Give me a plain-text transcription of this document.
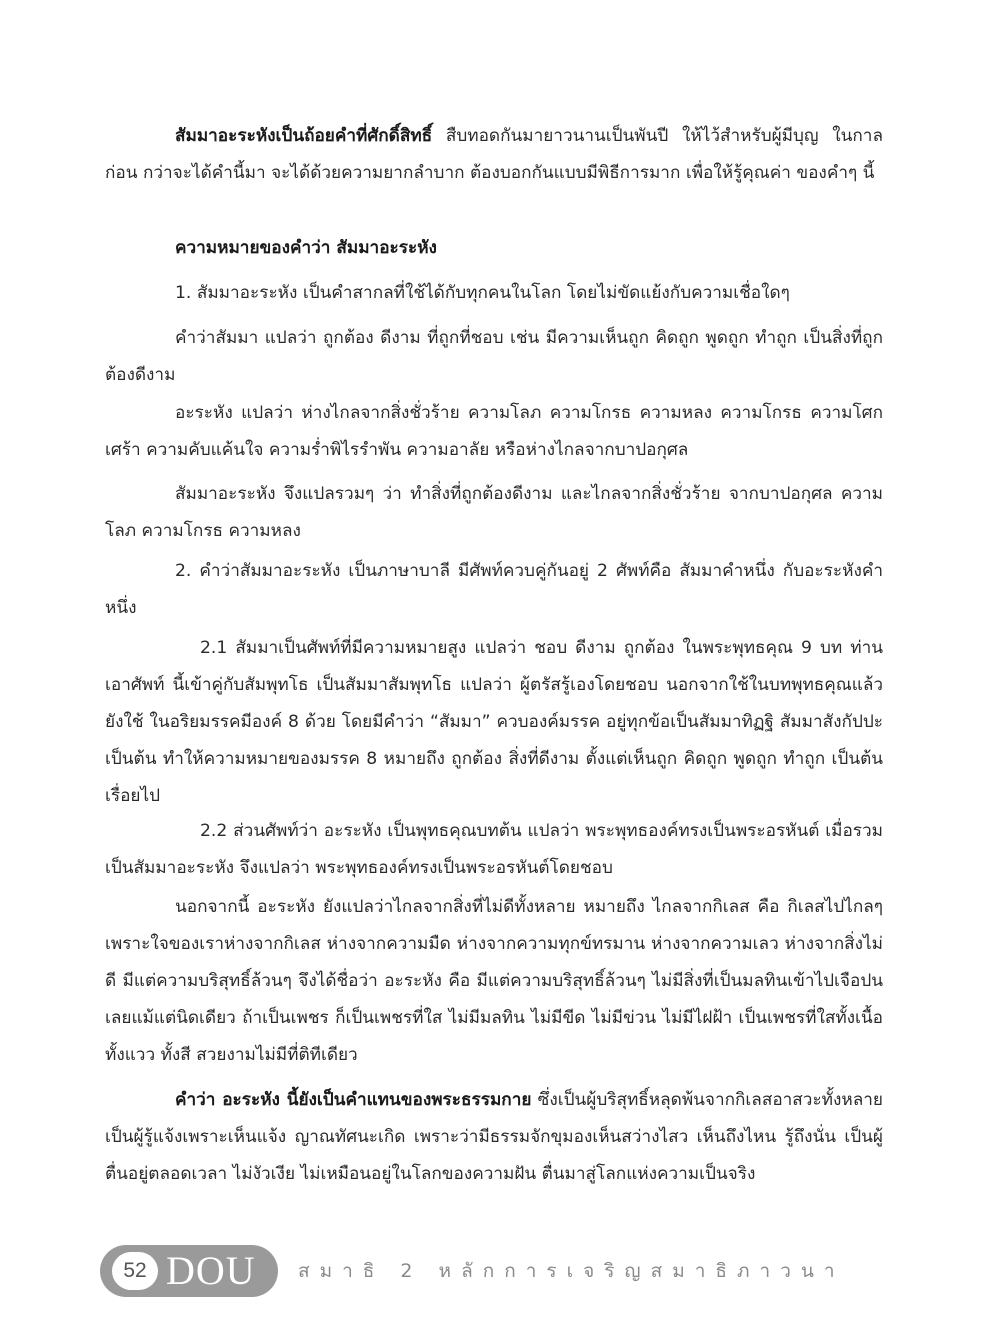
สัมมาอะระหังเป็นถ้อยคำที่ศักดิ์สิทธิ์ สืบทอดกันมายาวนานเป็นพันปี ให้ไว้สำหรับผู้มีบุญ ในกาลก่อน กว่าจะได้คำนี้มา จะได้ด้วยความยากลำบาก ต้องบอกกันแบบมีพิธีการมาก เพื่อให้รู้คุณค่า ของคำๆ นี้

ความหมายของคำว่า สัมมาอะระหัง

1. สัมมาอะระหัง เป็นคำสากลที่ใช้ได้กับทุกคนในโลก โดยไม่ขัดแย้งกับความเชื่อใดๆ

คำว่าสัมมา แปลว่า ถูกต้อง ดีงาม ที่ถูกที่ชอบ เช่น มีความเห็นถูก คิดถูก พูดถูก ทำถูก เป็นสิ่งที่ถูกต้องดีงาม

อะระหัง แปลว่า ห่างไกลจากสิ่งชั่วร้าย ความโลภ ความโกรธ ความหลง ความโกรธ ความโศกเศร้า ความคับแค้นใจ ความร่ำพิไรรำพัน ความอาลัย หรือห่างไกลจากบาปอกุศล

สัมมาอะระหัง จึงแปลรวมๆ ว่า ทำสิ่งที่ถูกต้องดีงาม และไกลจากสิ่งชั่วร้าย จากบาปอกุศล ความโลภ ความโกรธ ความหลง

2. คำว่าสัมมาอะระหัง เป็นภาษาบาลี มีศัพท์ควบคู่กันอยู่ 2 ศัพท์คือ สัมมาคำหนึ่ง กับอะระหังคำหนึ่ง

2.1 สัมมาเป็นศัพท์ที่มีความหมายสูง แปลว่า ชอบ ดีงาม ถูกต้อง ในพระพุทธคุณ 9 บท ท่านเอาศัพท์ นี้เข้าคู่กับสัมพุทโธ เป็นสัมมาสัมพุทโธ แปลว่า ผู้ตรัสรู้เองโดยชอบ นอกจากใช้ในบทพุทธคุณแล้วยังใช้ ในอริยมรรคมีองค์ 8 ด้วย โดยมีคำว่า “สัมมา” ควบองค์มรรค อยู่ทุกข้อเป็นสัมมาทิฏฐิ สัมมาสังกัปปะ เป็นต้น ทำให้ความหมายของมรรค 8 หมายถึง ถูกต้อง สิ่งที่ดีงาม ตั้งแต่เห็นถูก คิดถูก พูดถูก ทำถูก เป็นต้นเรื่อยไป

2.2 ส่วนศัพท์ว่า อะระหัง เป็นพุทธคุณบทต้น แปลว่า พระพุทธองค์ทรงเป็นพระอรหันต์ เมื่อรวมเป็นสัมมาอะระหัง จึงแปลว่า พระพุทธองค์ทรงเป็นพระอรหันต์โดยชอบ

นอกจากนี้ อะระหัง ยังแปลว่าไกลจากสิ่งที่ไม่ดีทั้งหลาย หมายถึง ไกลจากกิเลส คือ กิเลสไปไกลๆ เพราะใจของเราห่างจากกิเลส ห่างจากความมืด ห่างจากความทุกข์ทรมาน ห่างจากความเลว ห่างจากสิ่งไม่ดี มีแต่ความบริสุทธิ์ล้วนๆ จึงได้ชื่อว่า อะระหัง คือ มีแต่ความบริสุทธิ์ล้วนๆ ไม่มีสิ่งที่เป็นมลทินเข้าไปเจือปนเลยแม้แต่นิดเดียว ถ้าเป็นเพชร ก็เป็นเพชรที่ใส ไม่มีมลทิน ไม่มีขีด ไม่มีข่วน ไม่มีไฝฝ้า เป็นเพชรที่ใสทั้งเนื้อทั้งแวว ทั้งสี สวยงามไม่มีที่ติทีเดียว

คำว่า อะระหัง นี้ยังเป็นคำแทนของพระธรรมกาย ซึ่งเป็นผู้บริสุทธิ์หลุดพ้นจากกิเลสอาสวะทั้งหลาย เป็นผู้รู้แจ้งเพราะเห็นแจ้ง ญาณทัศนะเกิด เพราะว่ามีธรรมจักขุมองเห็นสว่างไสว เห็นถึงไหน รู้ถึงนั่น เป็นผู้ตื่นอยู่ตลอดเวลา ไม่งัวเงีย ไม่เหมือนอยู่ในโลกของความฝัน ตื่นมาสู่โลกแห่งความเป็นจริง

52 DOU สมาธิ 2 หลักการเจริญสมาธิภาวนา
